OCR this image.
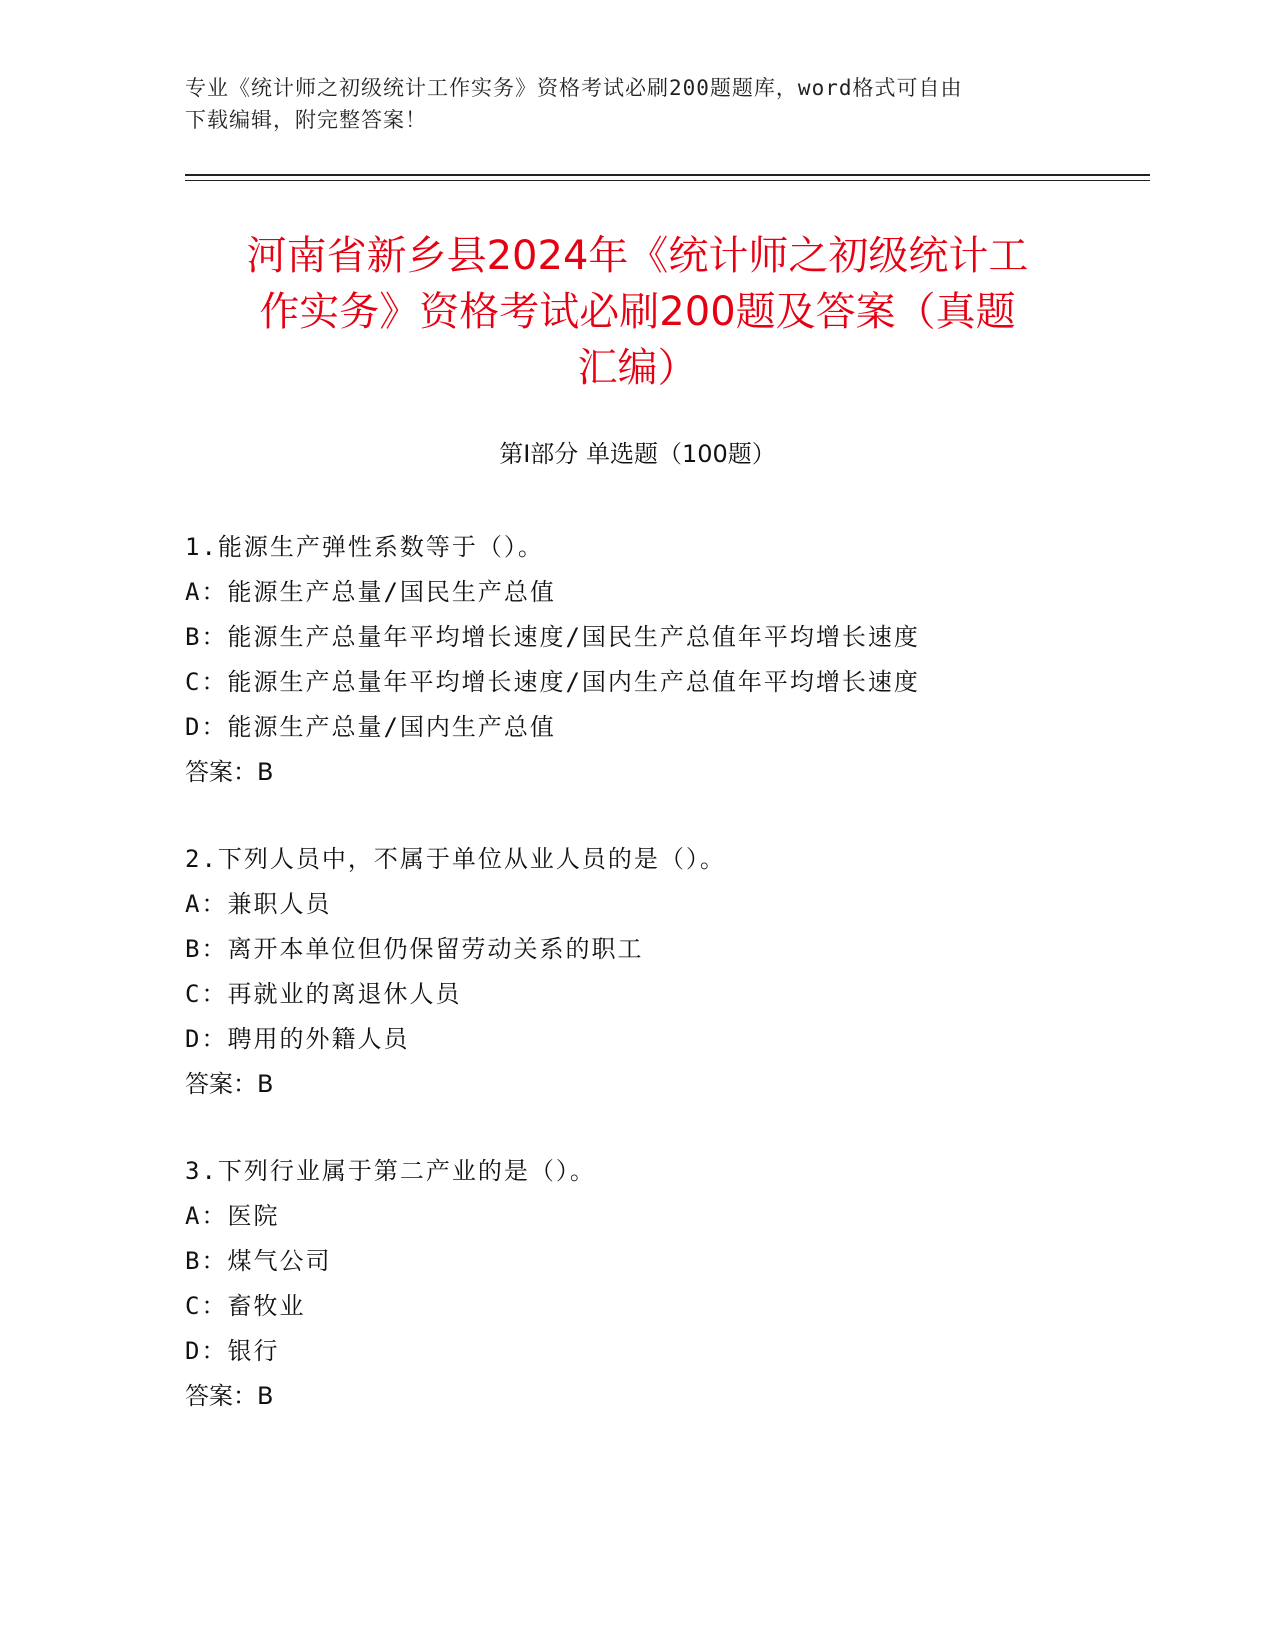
专业《统计师之初级统计工作实务》资格考试必刷200题题库，word格式可自由
下载编辑，附完整答案！
河南省新乡县2024年《统计师之初级统计工
作实务》资格考试必刷200题及答案（真题
汇编）
第Ⅰ部分 单选题（100题）
1.能源生产弹性系数等于（）。
A：能源生产总量/国民生产总值
B：能源生产总量年平均增长速度/国民生产总值年平均增长速度
C：能源生产总量年平均增长速度/国内生产总值年平均增长速度
D：能源生产总量/国内生产总值
答案：B
2.下列人员中，不属于单位从业人员的是（）。
A：兼职人员
B：离开本单位但仍保留劳动关系的职工
C：再就业的离退休人员
D：聘用的外籍人员
答案：B
3.下列行业属于第二产业的是（）。
A：医院
B：煤气公司
C：畜牧业
D：银行
答案：B
